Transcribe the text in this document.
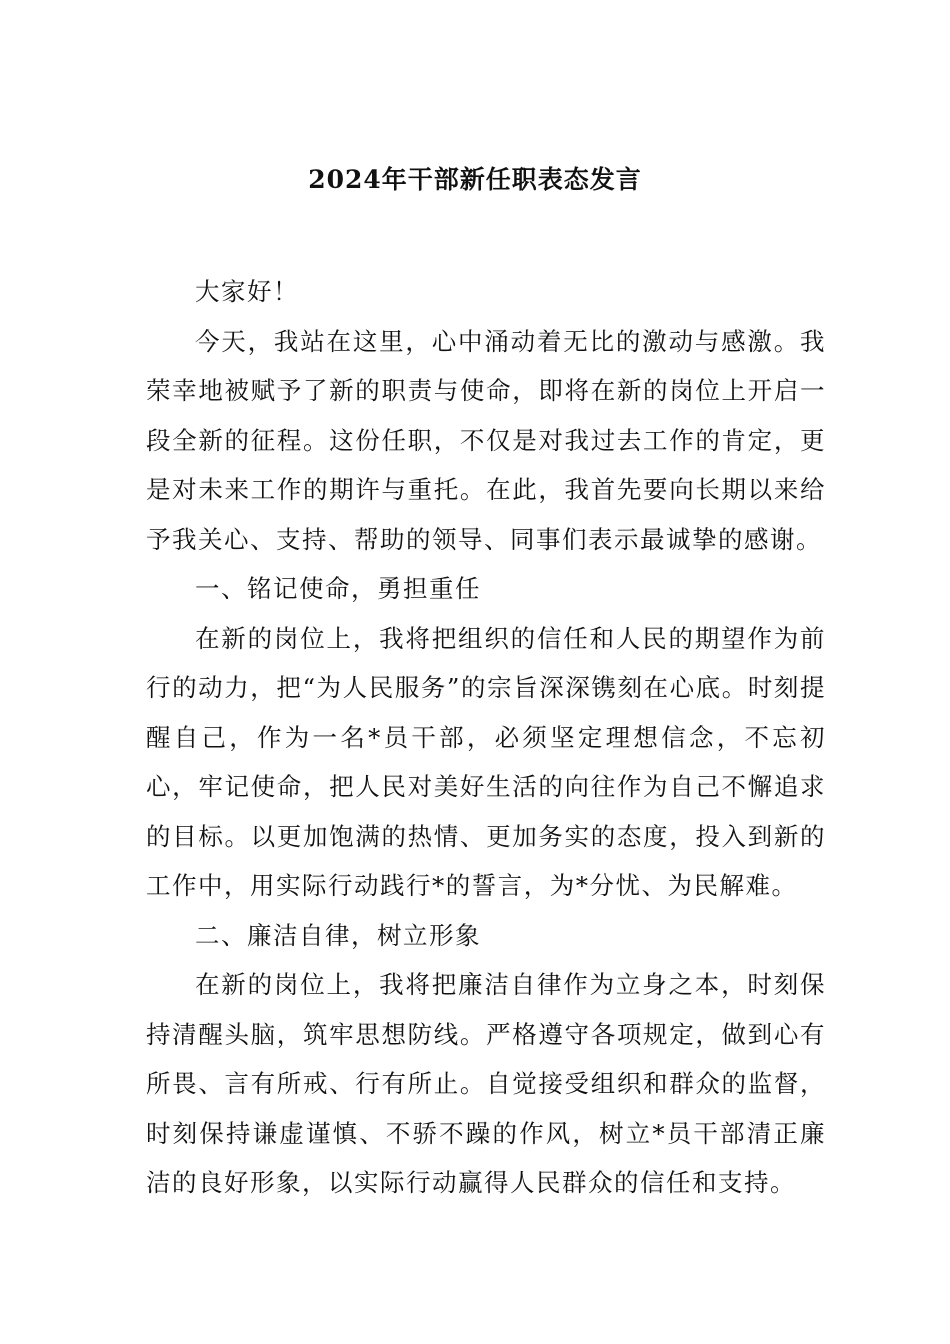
2024年干部新任职表态发言

大家好！

今天，我站在这里，心中涌动着无比的激动与感激。我荣幸地被赋予了新的职责与使命，即将在新的岗位上开启一段全新的征程。这份任职，不仅是对我过去工作的肯定，更是对未来工作的期许与重托。在此，我首先要向长期以来给予我关心、支持、帮助的领导、同事们表示最诚挚的感谢。

一、铭记使命，勇担重任

在新的岗位上，我将把组织的信任和人民的期望作为前行的动力，把“为人民服务”的宗旨深深镌刻在心底。时刻提醒自己，作为一名*员干部，必须坚定理想信念，不忘初心，牢记使命，把人民对美好生活的向往作为自己不懈追求的目标。以更加饱满的热情、更加务实的态度，投入到新的工作中，用实际行动践行*的誓言，为*分忧、为民解难。

二、廉洁自律，树立形象

在新的岗位上，我将把廉洁自律作为立身之本，时刻保持清醒头脑，筑牢思想防线。严格遵守各项规定，做到心有所畏、言有所戒、行有所止。自觉接受组织和群众的监督，时刻保持谦虚谨慎、不骄不躁的作风，树立*员干部清正廉洁的良好形象，以实际行动赢得人民群众的信任和支持。
